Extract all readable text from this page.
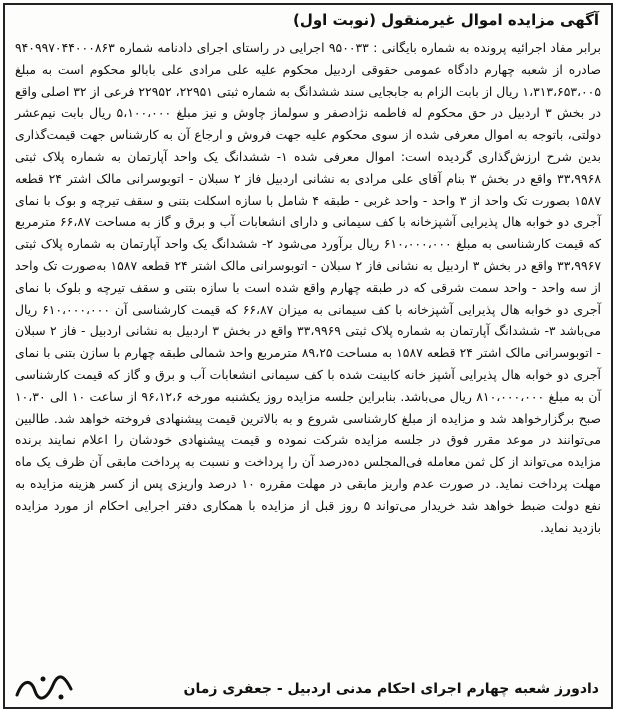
آگهی مزایده اموال غیرمنقول (نوبت اول)
برابر مفاد اجرائیه پرونده به شماره بایگانی : ۹۵۰۰۳۳ اجرایی در راستای اجرای دادنامه شماره ۹۴۰۹۹۷۰۴۴۰۰۰۸۶۳ صادره از شعبه چهارم دادگاه عمومی حقوقی اردبیل محکوم علیه علی مرادی علی بابالو محکوم است به مبلغ ۱،۳۱۳،۶۵۳،۰۰۵ ریال از بابت الزام به جابجایی سند ششدانگ به شماره ثبتی ۲۲۹۵۱، ۲۲۹۵۲ فرعی از ۳۲ اصلی واقع در بخش ۳ اردبیل در حق محکوم له فاطمه نژادصفر و سولماز چاوش و نیز مبلغ ۵،۱۰۰،۰۰۰ ریال بابت نیم‌عشر دولتی، باتوجه به اموال معرفی شده از سوی محکوم علیه جهت فروش و ارجاع آن به کارشناس جهت قیمت‌گذاری بدین شرح ارزش‌گذاری گردیده است: اموال معرفی شده ۱- ششدانگ یک واحد آپارتمان به شماره پلاک ثبتی ۳۳،۹۹۶۸ واقع در بخش ۳ بنام آقای علی مرادی به نشانی اردبیل فاز ۲ سبلان - اتوبوسرانی مالک اشتر ۲۴ قطعه ۱۵۸۷ بصورت تک واحد از ۳ واحد - واحد غربی - طبقه ۴ شامل با سازه اسکلت بتنی و سقف تیرچه و بوک با نمای آجری دو خوابه هال پذیرایی آشپزخانه با کف سیمانی و دارای انشعابات آب و برق و گاز به مساحت ۶۶،۸۷ مترمربع که قیمت کارشناسی به مبلغ ۶۱۰،۰۰۰،۰۰۰ ریال برآورد می‌شود ۲- ششدانگ یک واحد آپارتمان به شماره پلاک ثبتی ۳۳،۹۹۶۷ واقع در بخش ۳ اردبیل به نشانی فاز ۲ سبلان - اتوبوسرانی مالک اشتر ۲۴ قطعه ۱۵۸۷ به‌صورت تک واحد از سه واحد - واحد سمت شرقی که در طبقه چهارم واقع شده است با سازه بتنی و سقف تیرچه و بلوک با نمای آجری دو خوابه هال پذیرایی آشپزخانه با کف سیمانی به میزان ۶۶،۸۷ که قیمت کارشناسی آن ۶۱۰،۰۰۰،۰۰۰ ریال می‌باشد ۳- ششدانگ آپارتمان به شماره پلاک ثبتی ۳۳،۹۹۶۹ واقع در بخش ۳ اردبیل به نشانی اردبیل - فاز ۲ سبلان - اتوبوسرانی مالک اشتر ۲۴ قطعه ۱۵۸۷ به مساحت ۸۹،۲۵ مترمربع واحد شمالی طبقه چهارم با سازن بتنی با نمای آجری دو خوابه هال پذیرایی آشپز خانه کابینت شده با کف سیمانی انشعابات آب و برق و گاز که قیمت کارشناسی آن به مبلغ ۸۱۰،۰۰۰،۰۰۰ ریال می‌باشد. بنابراین جلسه مزایده روز یکشنبه مورخه ۹۶،۱۲،۶ از ساعت ۱۰ الی ۱۰،۳۰ صبح برگزارخواهد شد و مزایده از مبلغ کارشناسی شروع و به بالاترین قیمت پیشنهادی فروخته خواهد شد. طالبین می‌توانند در موعد مقرر فوق در جلسه مزایده شرکت نموده و قیمت پیشنهادی خودشان را اعلام نمایند برنده مزایده می‌تواند از کل ثمن معامله فی‌المجلس ده‌درصد آن را پرداخت و نسبت به پرداخت مابقی آن ظرف یک ماه مهلت پرداخت نماید. در صورت عدم واریز مابقی در مهلت مقرره ۱۰ درصد واریزی پس از کسر هزینه مزایده به نفع دولت ضبط خواهد شد خریدار می‌تواند ۵ روز قبل از مزایده با همکاری دفتر اجرایی احکام از مورد مزایده بازدید نماید.
دادورز شعبه چهارم اجرای احکام مدنی اردبیل - جعفری زمان
